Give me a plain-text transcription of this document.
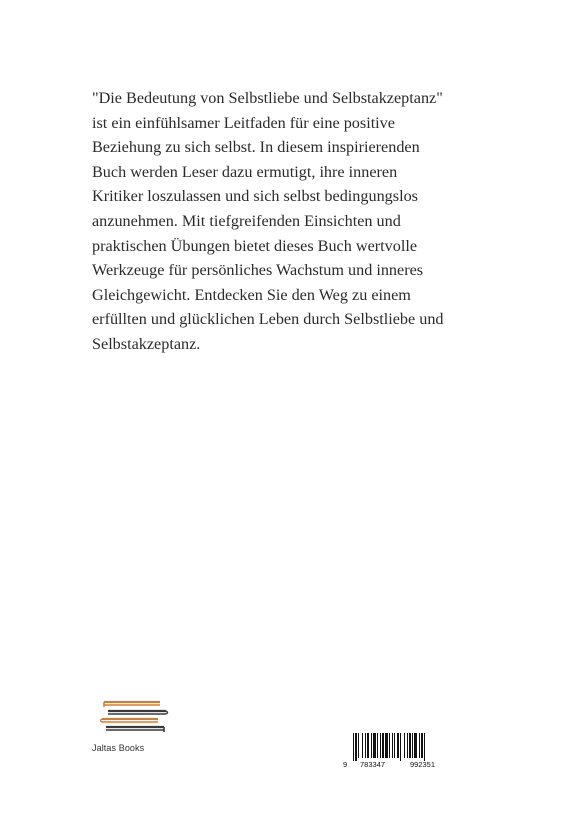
"Die Bedeutung von Selbstliebe und Selbstakzeptanz"
ist ein einfühlsamer Leitfaden für eine positive
Beziehung zu sich selbst. In diesem inspirierenden
Buch werden Leser dazu ermutigt, ihre inneren
Kritiker loszulassen und sich selbst bedingungslos
anzunehmen. Mit tiefgreifenden Einsichten und
praktischen Übungen bietet dieses Buch wertvolle
Werkzeuge für persönliches Wachstum und inneres
Gleichgewicht. Entdecken Sie den Weg zu einem
erfüllten und glücklichen Leben durch Selbstliebe und
Selbstakzeptanz.
Jaltas Books
9 783347	992351
